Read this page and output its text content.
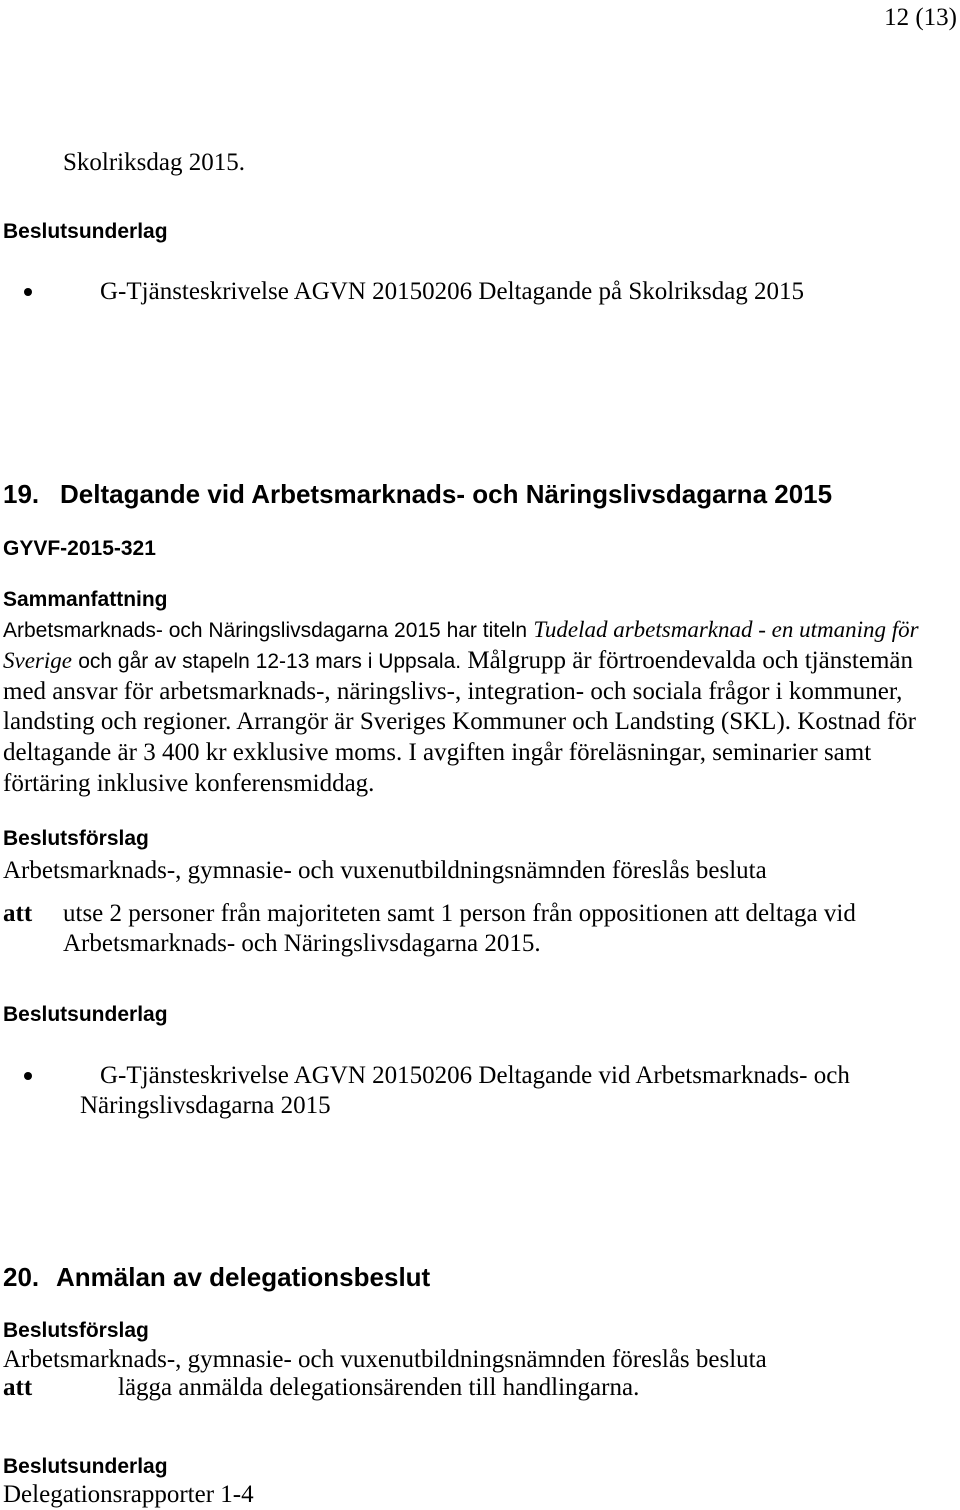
12 (13)
Skolriksdag 2015.
Beslutsunderlag
G-Tjänsteskrivelse AGVN 20150206 Deltagande på Skolriksdag 2015
19. Deltagande vid Arbetsmarknads- och Näringslivsdagarna 2015
GYVF-2015-321
Sammanfattning
Arbetsmarknads- och Näringslivsdagarna 2015 har titeln Tudelad arbetsmarknad - en utmaning för
Sverige och går av stapeln 12-13 mars i Uppsala. Målgrupp är förtroendevalda och tjänstemän
med ansvar för arbetsmarknads-, näringslivs-, integration- och sociala frågor i kommuner,
landsting och regioner. Arrangör är Sveriges Kommuner och Landsting (SKL). Kostnad för
deltagande är 3 400 kr exklusive moms. I avgiften ingår föreläsningar, seminarier samt
förtäring inklusive konferensmiddag.
Beslutsförslag
Arbetsmarknads-, gymnasie- och vuxenutbildningsnämnden föreslås besluta
att utse 2 personer från majoriteten samt 1 person från oppositionen att deltaga vid
Arbetsmarknads- och Näringslivsdagarna 2015.
Beslutsunderlag
G-Tjänsteskrivelse AGVN 20150206 Deltagande vid Arbetsmarknads- och
Näringslivsdagarna 2015
20. Anmälan av delegationsbeslut
Beslutsförslag
Arbetsmarknads-, gymnasie- och vuxenutbildningsnämnden föreslås besluta
att	lägga anmälda delegationsärenden till handlingarna.
Beslutsunderlag
Delegationsrapporter 1-4
